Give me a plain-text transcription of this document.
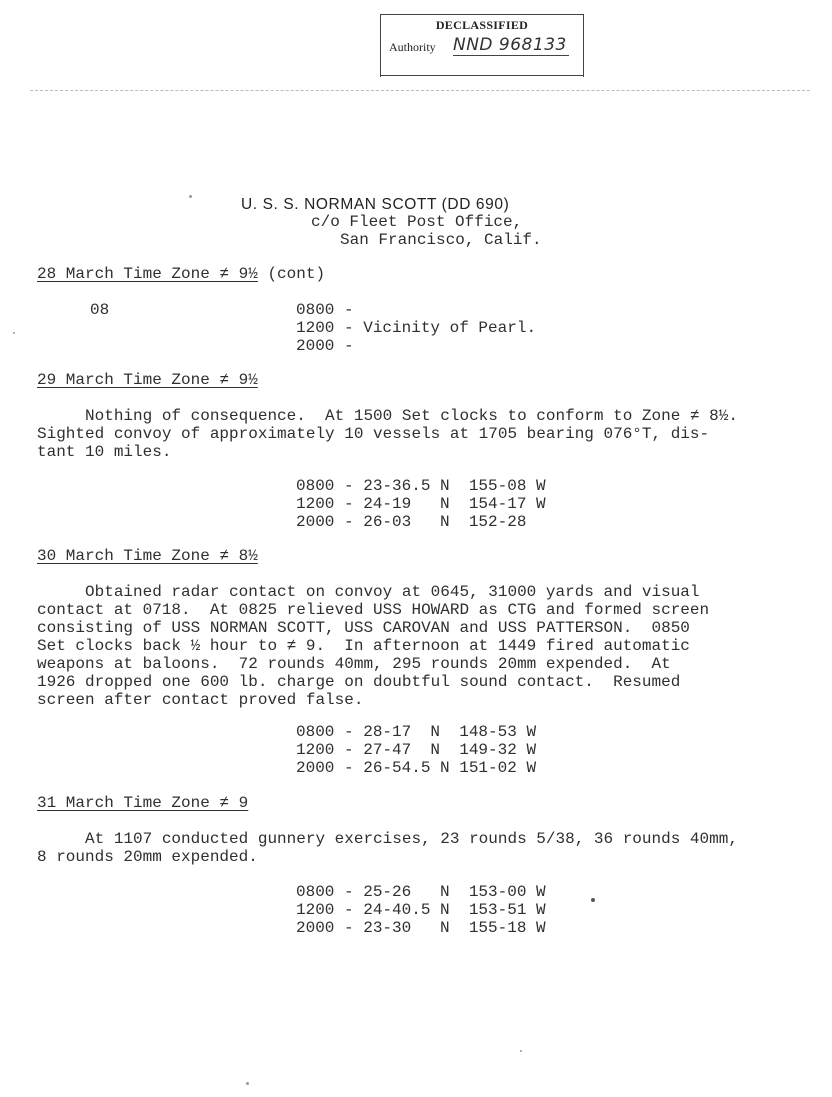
DECLASSIFIED
Authority NND 968133
U. S. S. NORMAN SCOTT (DD 690)
c/o Fleet Post Office,
San Francisco, Calif.
28 March Time Zone ≠ 9½ (cont)
08	0800 -
1200 - Vicinity of Pearl.
2000 -
29 March Time Zone ≠ 9½
Nothing of consequence.  At 1500 Set clocks to conform to Zone ≠ 8½.
Sighted convoy of approximately 10 vessels at 1705 bearing 076°T, dis-
tant 10 miles.
0800 - 23-36.5 N  155-08 W
1200 - 24-19   N  154-17 W
2000 - 26-03   N  152-28
30 March Time Zone ≠ 8½
Obtained radar contact on convoy at 0645, 31000 yards and visual
contact at 0718.  At 0825 relieved USS HOWARD as CTG and formed screen
consisting of USS NORMAN SCOTT, USS CAROVAN and USS PATTERSON.  0850
Set clocks back ½ hour to ≠ 9.  In afternoon at 1449 fired automatic
weapons at baloons.  72 rounds 40mm, 295 rounds 20mm expended.  At
1926 dropped one 600 lb. charge on doubtful sound contact.  Resumed
screen after contact proved false.
0800 - 28-17  N  148-53 W
1200 - 27-47  N  149-32 W
2000 - 26-54.5 N 151-02 W
31 March Time Zone ≠ 9
At 1107 conducted gunnery exercises, 23 rounds 5/38, 36 rounds 40mm,
8 rounds 20mm expended.
0800 - 25-26   N  153-00 W
1200 - 24-40.5 N  153-51 W
2000 - 23-30   N  155-18 W
